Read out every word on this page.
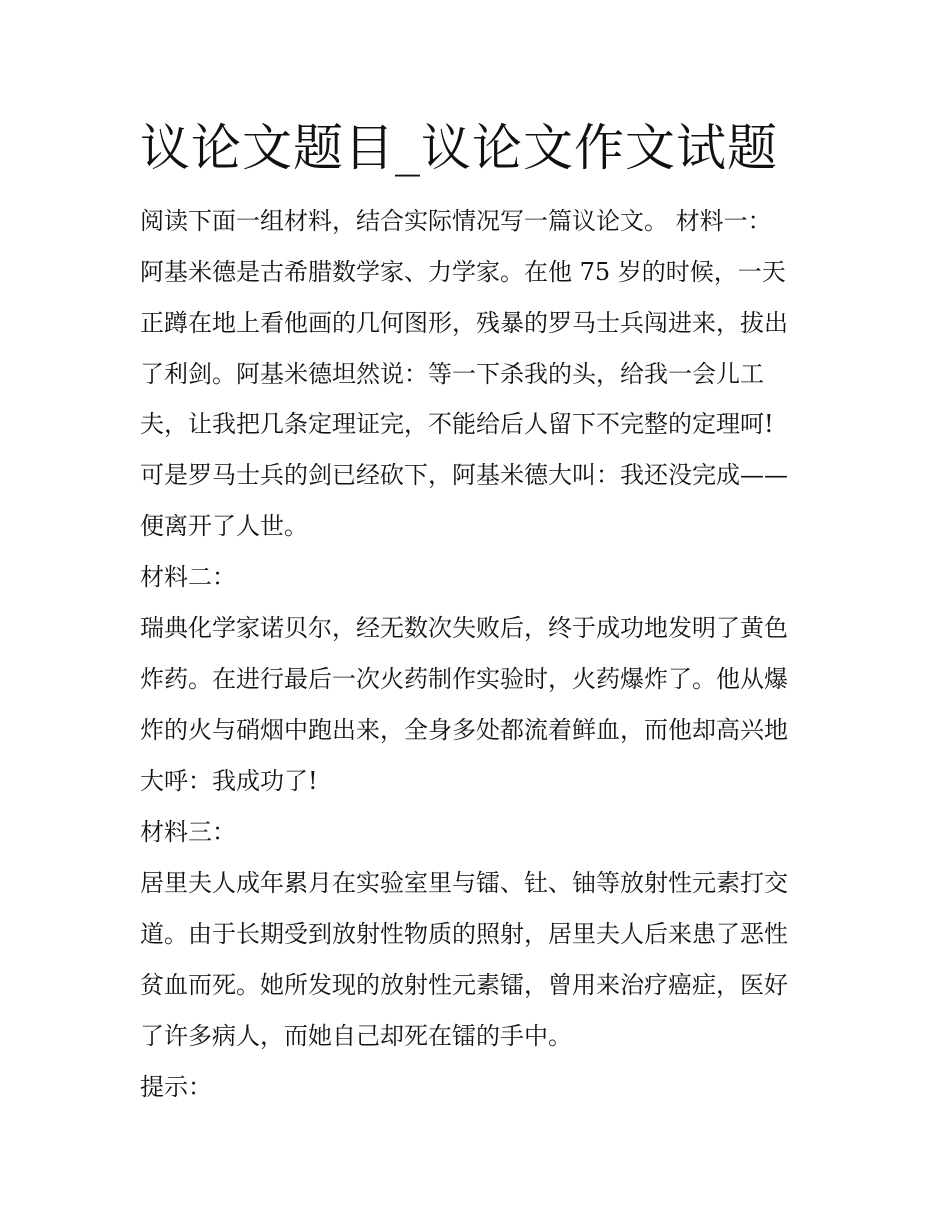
议论文题目_议论文作文试题
阅读下面一组材料，结合实际情况写一篇议论文。 材料一：
阿基米德是古希腊数学家、力学家。在他 75 岁的时候，一天
正蹲在地上看他画的几何图形，残暴的罗马士兵闯进来，拔出
了利剑。阿基米德坦然说：等一下杀我的头，给我一会儿工
夫，让我把几条定理证完，不能给后人留下不完整的定理呵!
可是罗马士兵的剑已经砍下，阿基米德大叫：我还没完成——
便离开了人世。
材料二：
瑞典化学家诺贝尔，经无数次失败后，终于成功地发明了黄色
炸药。在进行最后一次火药制作实验时，火药爆炸了。他从爆
炸的火与硝烟中跑出来，全身多处都流着鲜血，而他却高兴地
大呼：我成功了!
材料三：
居里夫人成年累月在实验室里与镭、钍、铀等放射性元素打交
道。由于长期受到放射性物质的照射，居里夫人后来患了恶性
贫血而死。她所发现的放射性元素镭，曾用来治疗癌症，医好
了许多病人，而她自己却死在镭的手中。
提示：
